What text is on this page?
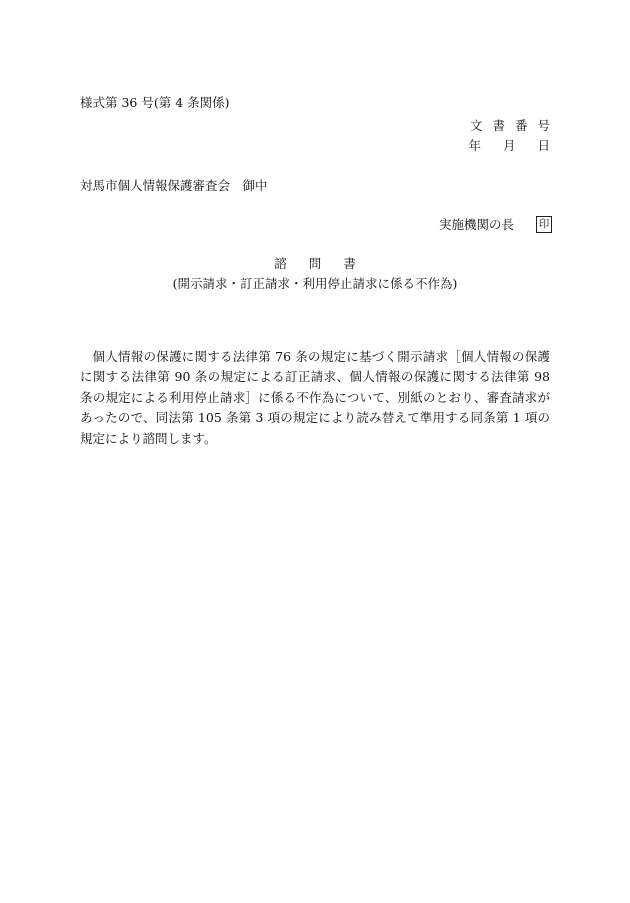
様式第 36 号(第 4 条関係)
文書番号
年 月 日
対馬市個人情報保護審査会　御中
実施機関の長 印
諮問書
(開示請求・訂正請求・利用停止請求に係る不作為)

個人情報の保護に関する法律第 76 条の規定に基づく開示請求［個人情報の保護に関する法律第 90 条の規定による訂正請求、個人情報の保護に関する法律第 98 条の規定による利用停止請求］に係る不作為について、別紙のとおり、審査請求があったので、同法第 105 条第 3 項の規定により読み替えて準用する同条第 1 項の規定により諮問します。
